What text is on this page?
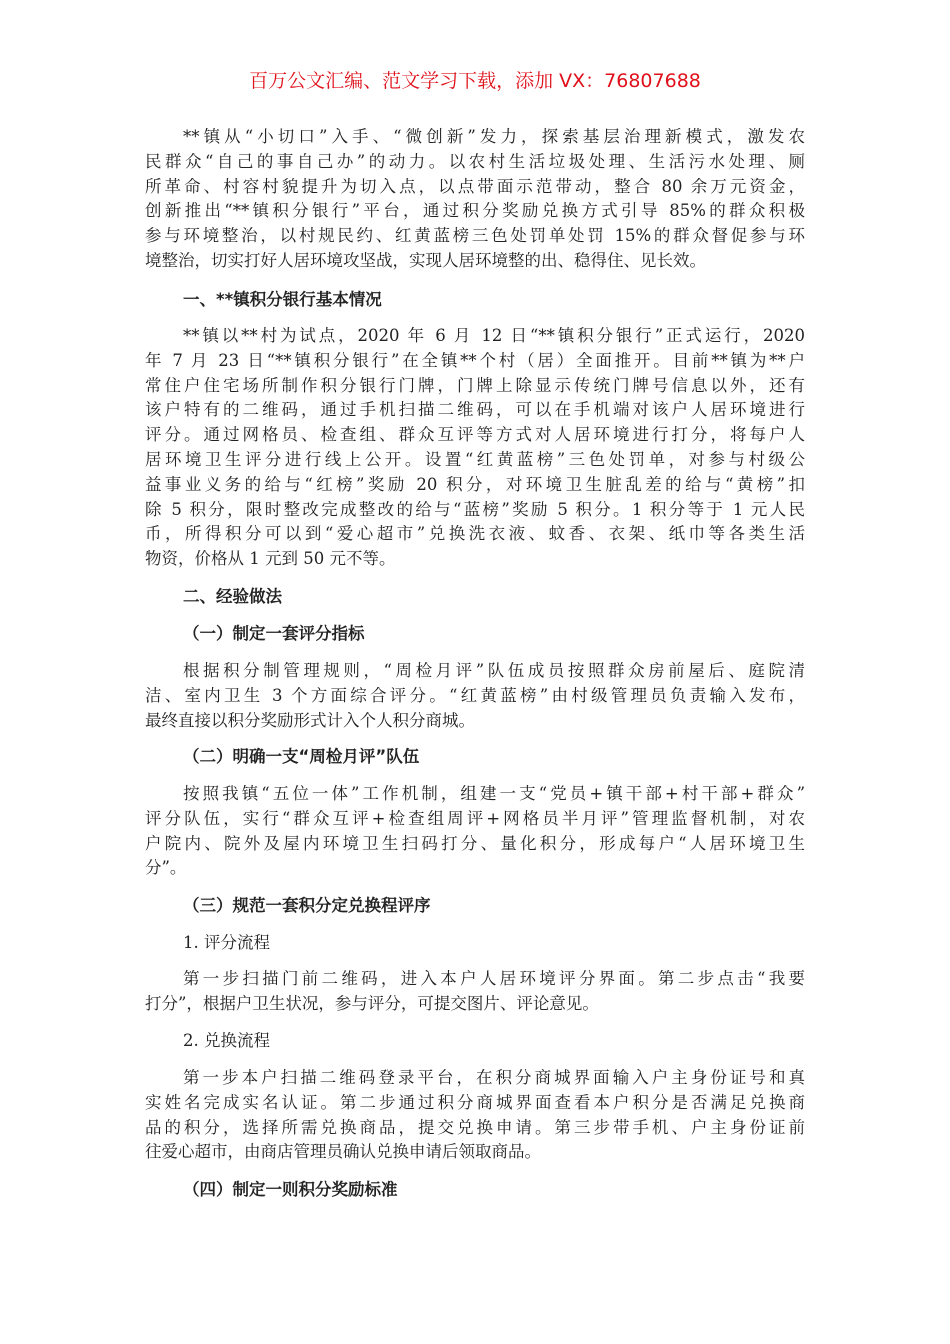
百万公文汇编、范文学习下载，添加 VX：76807688
**镇从“小切口”入手、“微创新”发力，探索基层治理新模式，激发农
民群众“自己的事自己办”的动力。以农村生活垃圾处理、生活污水处理、厕
所革命、村容村貌提升为切入点，以点带面示范带动，整合 80 余万元资金，
创新推出“**镇积分银行”平台，通过积分奖励兑换方式引导 85%的群众积极
参与环境整治，以村规民约、红黄蓝榜三色处罚单处罚 15%的群众督促参与环
境整治，切实打好人居环境攻坚战，实现人居环境整的出、稳得住、见长效。
一、**镇积分银行基本情况
**镇以**村为试点，2020 年 6 月 12 日“**镇积分银行”正式运行，2020
年 7 月 23 日“**镇积分银行”在全镇**个村（居）全面推开。目前**镇为**户
常住户住宅场所制作积分银行门牌，门牌上除显示传统门牌号信息以外，还有
该户特有的二维码，通过手机扫描二维码，可以在手机端对该户人居环境进行
评分。通过网格员、检查组、群众互评等方式对人居环境进行打分，将每户人
居环境卫生评分进行线上公开。设置“红黄蓝榜”三色处罚单，对参与村级公
益事业义务的给与“红榜”奖励 20 积分，对环境卫生脏乱差的给与“黄榜”扣
除 5 积分，限时整改完成整改的给与“蓝榜”奖励 5 积分。1 积分等于 1 元人民
币，所得积分可以到“爱心超市”兑换洗衣液、蚊香、衣架、纸巾等各类生活
物资，价格从 1 元到 50 元不等。
二、经验做法
（一）制定一套评分指标
根据积分制管理规则，“周检月评”队伍成员按照群众房前屋后、庭院清
洁、室内卫生 3 个方面综合评分。“红黄蓝榜”由村级管理员负责输入发布，
最终直接以积分奖励形式计入个人积分商城。
（二）明确一支“周检月评”队伍
按照我镇“五位一体”工作机制，组建一支“党员+镇干部+村干部+群众”
评分队伍，实行“群众互评+检查组周评+网格员半月评”管理监督机制，对农
户院内、院外及屋内环境卫生扫码打分、量化积分，形成每户“人居环境卫生
分”。
（三）规范一套积分定兑换程评序
1. 评分流程
第一步扫描门前二维码，进入本户人居环境评分界面。第二步点击“我要
打分”，根据户卫生状况，参与评分，可提交图片、评论意见。
2. 兑换流程
第一步本户扫描二维码登录平台，在积分商城界面输入户主身份证号和真
实姓名完成实名认证。第二步通过积分商城界面查看本户积分是否满足兑换商
品的积分，选择所需兑换商品，提交兑换申请。第三步带手机、户主身份证前
往爱心超市，由商店管理员确认兑换申请后领取商品。
（四）制定一则积分奖励标准
